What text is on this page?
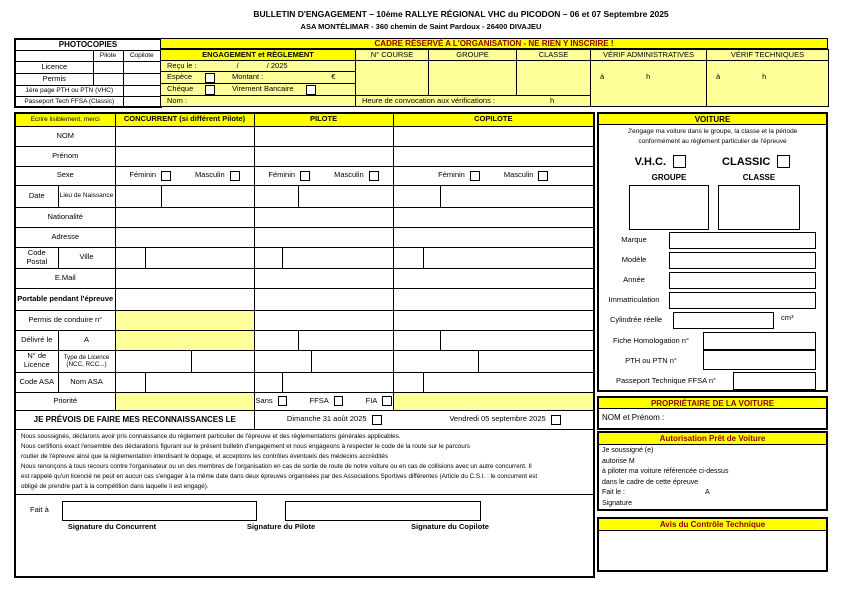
BULLETIN D'ENGAGEMENT – 10ème RALLYE RÉGIONAL VHC du PICODON – 06 et 07 Septembre 2025
ASA MONTÉLIMAR - 360 chemin de Saint Pardoux - 26400 DIVAJEU
PHOTOCOPIES		
	Pilote	Copilote
Licence		
Permis		
1ère page PTH ou PTN (VHC)		
Passeport Tech FFSA (Classic)		
CADRE RÉSERVÉ A L'ORGANISATION - NE RIEN Y INSCRIRE !
ENGAGEMENT et RÈGLEMENT

Reçu le :	/	/ 2025

Espèce	Montant :	€

Chéque	Virement Bancaire

Nom :
N° COURSE	GROUPE	CLASSE	VÉRIF ADMINISTRATIVES	VÉRIF TECHNIQUES

			à h	à h

Heure de convocation aux vérifications : h				
Ecrire lisiblement, merci		CONCURRENT (si différent Pilote)				PILOTE				COPILOTE			
NOM													
Prénom													
Sexe		Féminin Masculin				Féminin Masculin				Féminin Masculin			

Date	Lieu de Naissance												
Nationalité													
Adresse													
Code Postal	Ville												
E.Mail													
Portable pendant l'épreuve													
Permis de conduire n°													
Délivré le	A												
N° de Licence	Type de Licence (NCC, RCC...)												
Code ASA	Nom ASA												
Priorité						Sans FFSA FIA							

JE PRÉVOIS DE FAIRE MES RECONNAISSANCES LE						Dimanche 31 août 2025 Vendredi 05 septembre 2025							

Nous soussignés, déclarons avoir pris connaissance du règlement particulier de l'épreuve et des réglementations générales applicables.
Nous certifions exact l'ensemble des déclarations figurant sur le présent bulletin d'engagement et nous engageons à respecter le code de la route sur le parcours
routier de l'épreuve ainsi que la réglementation interdisant le dopage, et acceptons les contrôles éventuels des médecins accrédités
Nous renonçons à tous recours contre l'organisateur ou un des membres de l'organisation en cas de sortie de route de notre voiture ou en cas de collisions avec un autre concurrent. Il
est rappelé qu'un licencié ne peut en aucun cas s'engager à la même date dans deux épreuves organisées par des Associations Sportives différentes (Article du C.S.I. : le concurrent est
obligé de prendre part à la compétition dans laquelle il est engagé).

Fait à
Signature du Concurrent Signature du Pilote Signature du Copilote													
VOITURE
J'engage ma voiture dans le groupe, la classe et la période
conformément au règlement particulier de l'épreuve
V.H.C.	CLASSIC
GROUPE	CLASSE
Marque
Modèle
Année
Immatriculation
Cylindrée réelle	cm³
Fiche Homologation n°
PTH ou PTN n°
Passeport Technique FFSA n°
PROPRIÉTAIRE DE LA VOITURE
NOM et Prénom :
Autorisation Prêt de Voiture
Je soussigné (e)
autorise M
à piloter ma voiture référencée ci-dessus
dans le cadre de cette épreuve
Fait le :	A
Signature
Avis du Contrôle Technique
